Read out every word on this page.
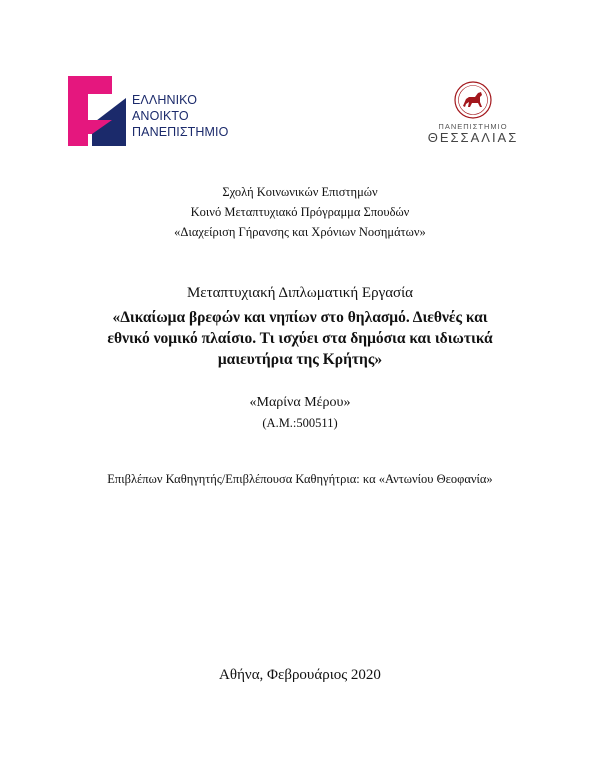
ΕΛΛΗΝΙΚΟ
ΑΝΟΙΚΤΟ
ΠΑΝΕΠΙΣΤΗΜΙΟ	ΠΑΝΕΠΙΣΤΗΜΙΟ
ΘΕΣΣΑΛΙΑΣ
Σχολή Κοινωνικών Επιστημών
Κοινό Μεταπτυχιακό Πρόγραμμα Σπουδών
«Διαχείριση Γήρανσης και Χρόνιων Νοσημάτων»
Μεταπτυχιακή Διπλωματική Εργασία
«Δικαίωμα βρεφών και νηπίων στο θηλασμό. Διεθνές και
εθνικό νομικό πλαίσιο. Τι ισχύει στα δημόσια και ιδιωτικά
μαιευτήρια της Κρήτης»
«Μαρίνα Μέρου»
(Α.Μ.:500511)
Επιβλέπων Καθηγητής/Επιβλέπουσα Καθηγήτρια: κα «Αντωνίου Θεοφανία»
Αθήνα, Φεβρουάριος 2020
